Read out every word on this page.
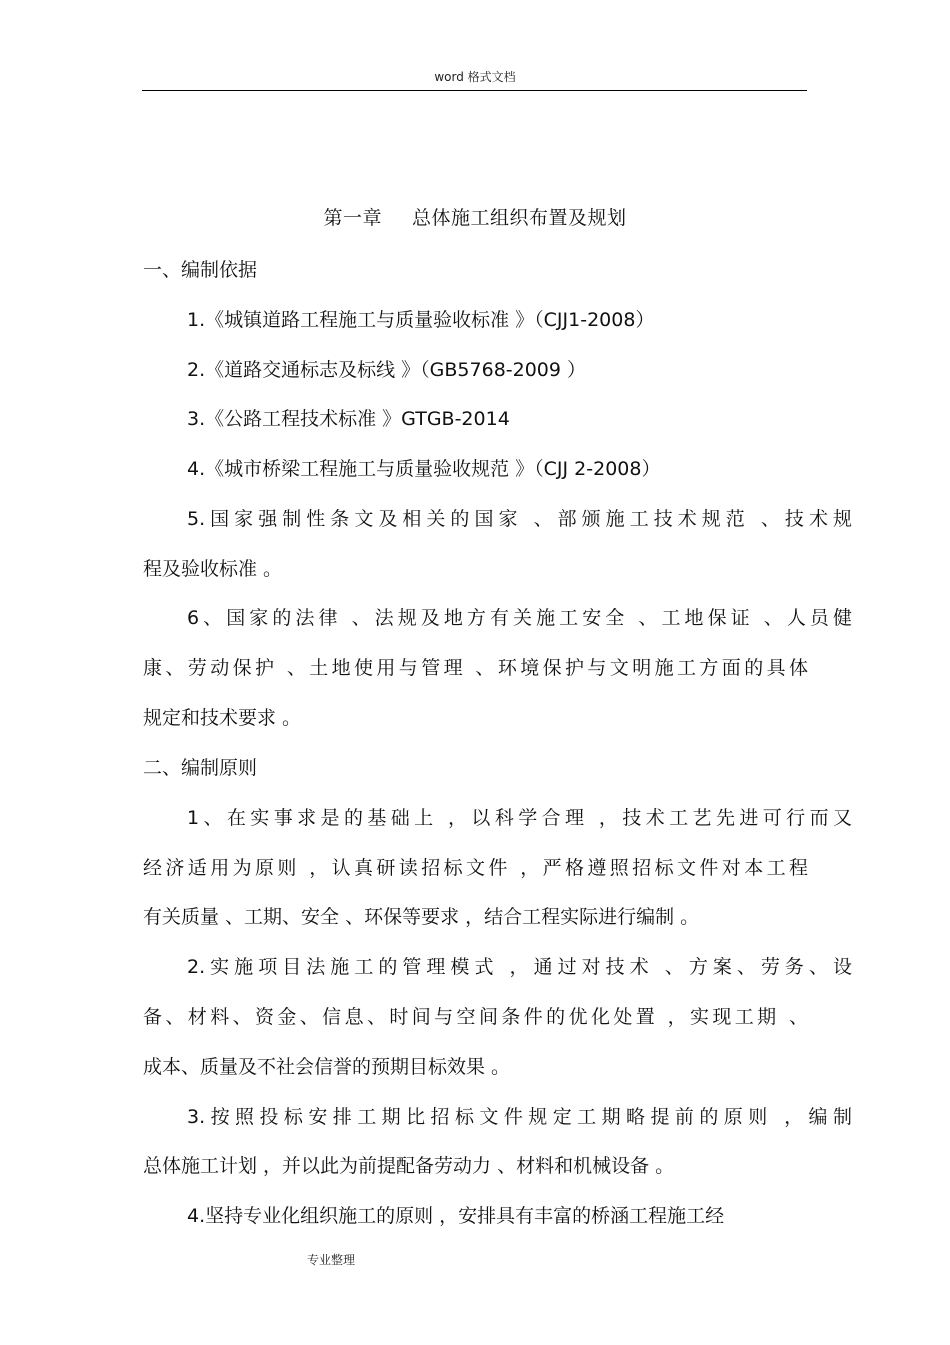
word 格式文档
第一章 总体施工组织布置及规划
一、编制依据
1.《城镇道路工程施工与质量验收标准 》（CJJ1-2008）
2.《道路交通标志及标线 》（GB5768-2009 ）
3.《公路工程技术标准 》GTGB-2014
4.《城市桥梁工程施工与质量验收规范 》（CJJ 2-2008）
5.国家强制性条文及相关的国家 、部颁施工技术规范 、技术规
程及验收标准 。
6、国家的法律 、法规及地方有关施工安全 、工地保证 、人员健
康、劳动保护 、土地使用与管理 、环境保护与文明施工方面的具体
规定和技术要求 。
二、编制原则
1、在实事求是的基础上 ，以科学合理 ，技术工艺先进可行而又
经济适用为原则 ，认真研读招标文件 ，严格遵照招标文件对本工程
有关质量 、工期、安全 、环保等要求 ，结合工程实际进行编制 。
2.实施项目法施工的管理模式 ，通过对技术 、方案、劳务、设
备、材料、资金、信息、时间与空间条件的优化处置 ，实现工期 、
成本、质量及不社会信誉的预期目标效果 。
3.按照投标安排工期比招标文件规定工期略提前的原则 ，编制
总体施工计划 ，并以此为前提配备劳动力 、材料和机械设备 。
4.坚持专业化组织施工的原则 ，安排具有丰富的桥涵工程施工经
专业整理
